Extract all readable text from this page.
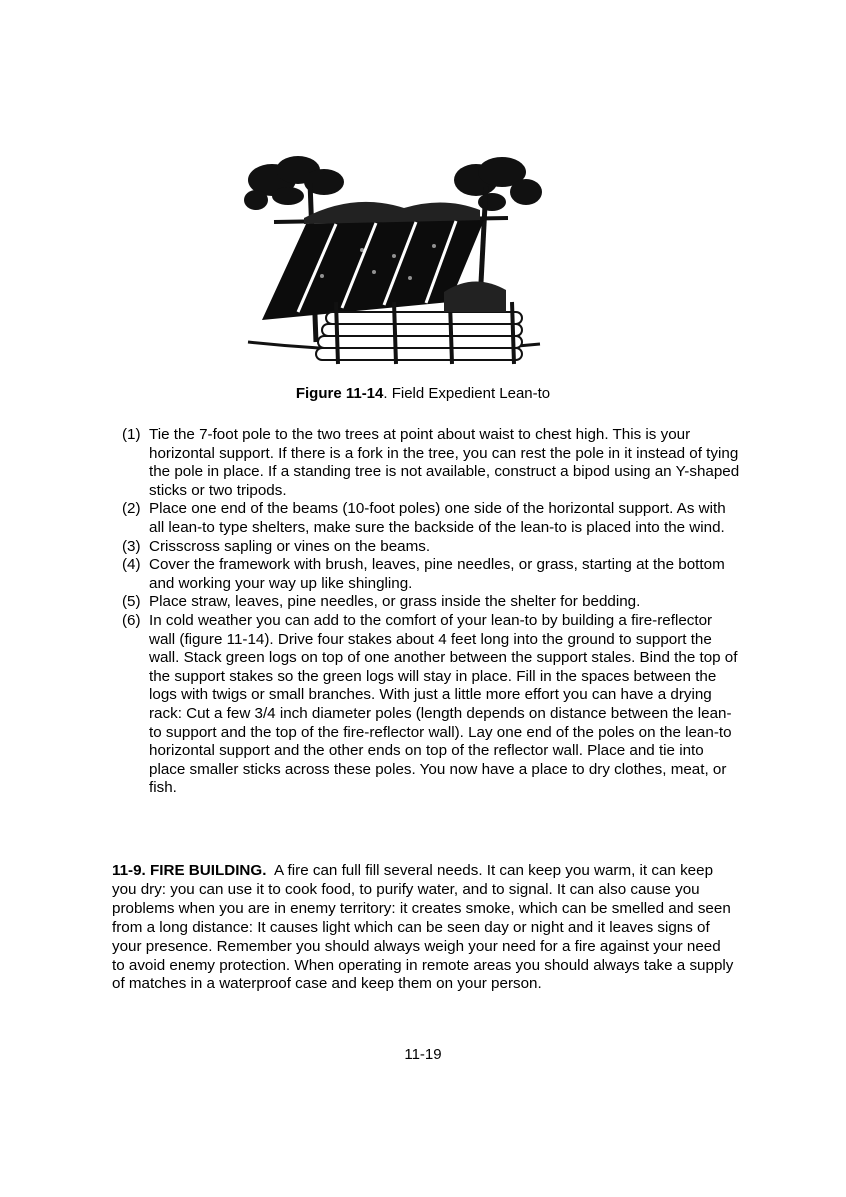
Figure 11-14. Field Expedient Lean-to
(1) Tie the 7-foot pole to the two trees at point about waist to chest high. This is your horizontal support. If there is a fork in the tree, you can rest the pole in it instead of tying the pole in place. If a standing tree is not available, construct a bipod using an Y-shaped sticks or two tripods.
(2) Place one end of the beams (10-foot poles) one side of the horizontal support. As with all lean-to type shelters, make sure the backside of the lean-to is placed into the wind.
(3) Crisscross sapling or vines on the beams.
(4) Cover the framework with brush, leaves, pine needles, or grass, starting at the bottom and working your way up like shingling.
(5) Place straw, leaves, pine needles, or grass inside the shelter for bedding.
(6) In cold weather you can add to the comfort of your lean-to by building a fire-reflector wall (figure 11-14). Drive four stakes about 4 feet long into the ground to support the wall. Stack green logs on top of one another between the support stales. Bind the top of the support stakes so the green logs will stay in place. Fill in the spaces between the logs with twigs or small branches. With just a little more effort you can have a drying rack: Cut a few 3/4 inch diameter poles (length depends on distance between the lean-to support and the top of the fire-reflector wall). Lay one end of the poles on the lean-to horizontal support and the other ends on top of the reflector wall. Place and tie into place smaller sticks across these poles. You now have a place to dry clothes, meat, or fish.

11-9. FIRE BUILDING. A fire can full fill several needs. It can keep you warm, it can keep you dry: you can use it to cook food, to purify water, and to signal. It can also cause you problems when you are in enemy territory: it creates smoke, which can be smelled and seen from a long distance: It causes light which can be seen day or night and it leaves signs of your presence. Remember you should always weigh your need for a fire against your need to avoid enemy protection. When operating in remote areas you should always take a supply of matches in a waterproof case and keep them on your person.

11-19
